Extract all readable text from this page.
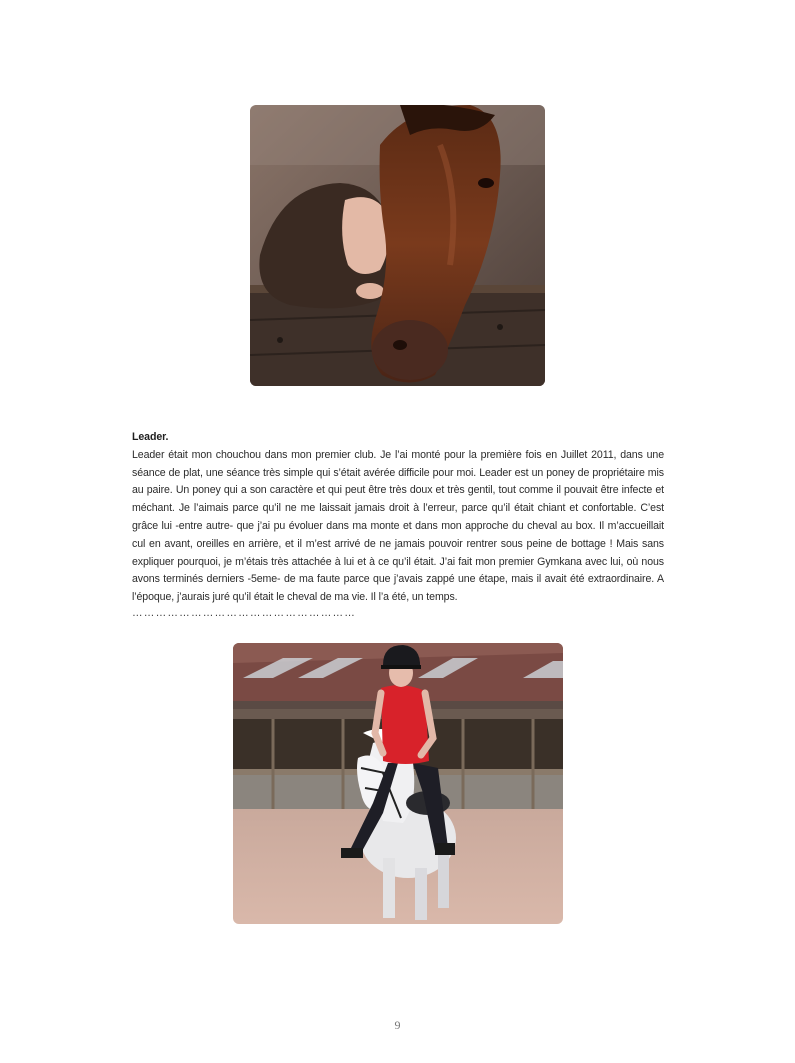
Leader.

Leader était mon chouchou dans mon premier club. Je l’ai monté pour la première fois en Juillet 2011, dans une séance de plat, une séance très simple qui s’était avérée difficile pour moi. Leader est un poney de propriétaire mis au paire. Un poney qui a son caractère et qui peut être très doux et très gentil, tout comme il pouvait être infecte et méchant. Je l’aimais parce qu’il ne me laissait jamais droit à l’erreur, parce qu’il était chiant et confortable. C’est grâce lui -entre autre- que j’ai pu évoluer dans ma monte et dans mon approche du cheval au box. Il m’accueillait cul en avant, oreilles en arrière, et il m’est arrivé de ne jamais pouvoir rentrer sous peine de bottage ! Mais sans expliquer pourquoi, je m’étais très attachée à lui et à ce qu’il était. J’ai fait mon premier Gymkana avec lui, où nous avons terminés derniers -5eme- de ma faute parce que j’avais zappé une étape, mais il avait été extraordinaire. A l’époque, j’aurais juré qu’il était le cheval de ma vie. Il l’a été, un temps.

…………………………………………………

9
